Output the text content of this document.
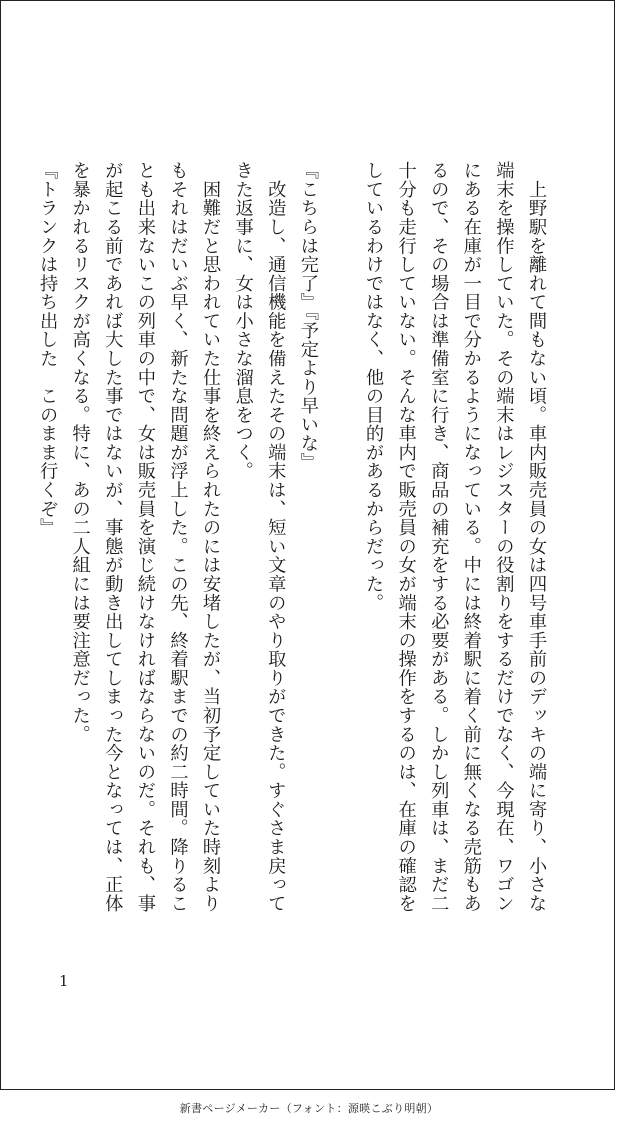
　上野駅を離れて間もない頃。車内販売員の女は四号車手前のデッキの端に寄り、小さな端末を操作していた。その端末はレジスターの役割りをするだけでなく、今現在、ワゴンにある在庫が一目で分かるようになっている。中には終着駅に着く前に無くなる売筋もあるので、その場合は準備室に行き、商品の補充をする必要がある。しかし列車は、まだ二十分も走行していない。そんな車内で販売員の女が端末の操作をするのは、在庫の確認をしているわけではなく、他の目的があるからだった。

『こちらは完了』『予定より早いな』

　改造し、通信機能を備えたその端末は、短い文章のやり取りができた。すぐさま戻ってきた返事に、女は小さな溜息をつく。

　困難だと思われていた仕事を終えられたのには安堵したが、当初予定していた時刻よりもそれはだいぶ早く、新たな問題が浮上した。この先、終着駅までの約二時間。降りることも出来ないこの列車の中で、女は販売員を演じ続けなければならないのだ。それも、事が起こる前であれば大した事ではないが、事態が動き出してしまった今となっては、正体を暴かれるリスクが高くなる。特に、あの二人組には要注意だった。

『トランクは持ち出した　このまま行くぞ』

1
新書ページメーカー（フォント：源暎こぶり明朝）
